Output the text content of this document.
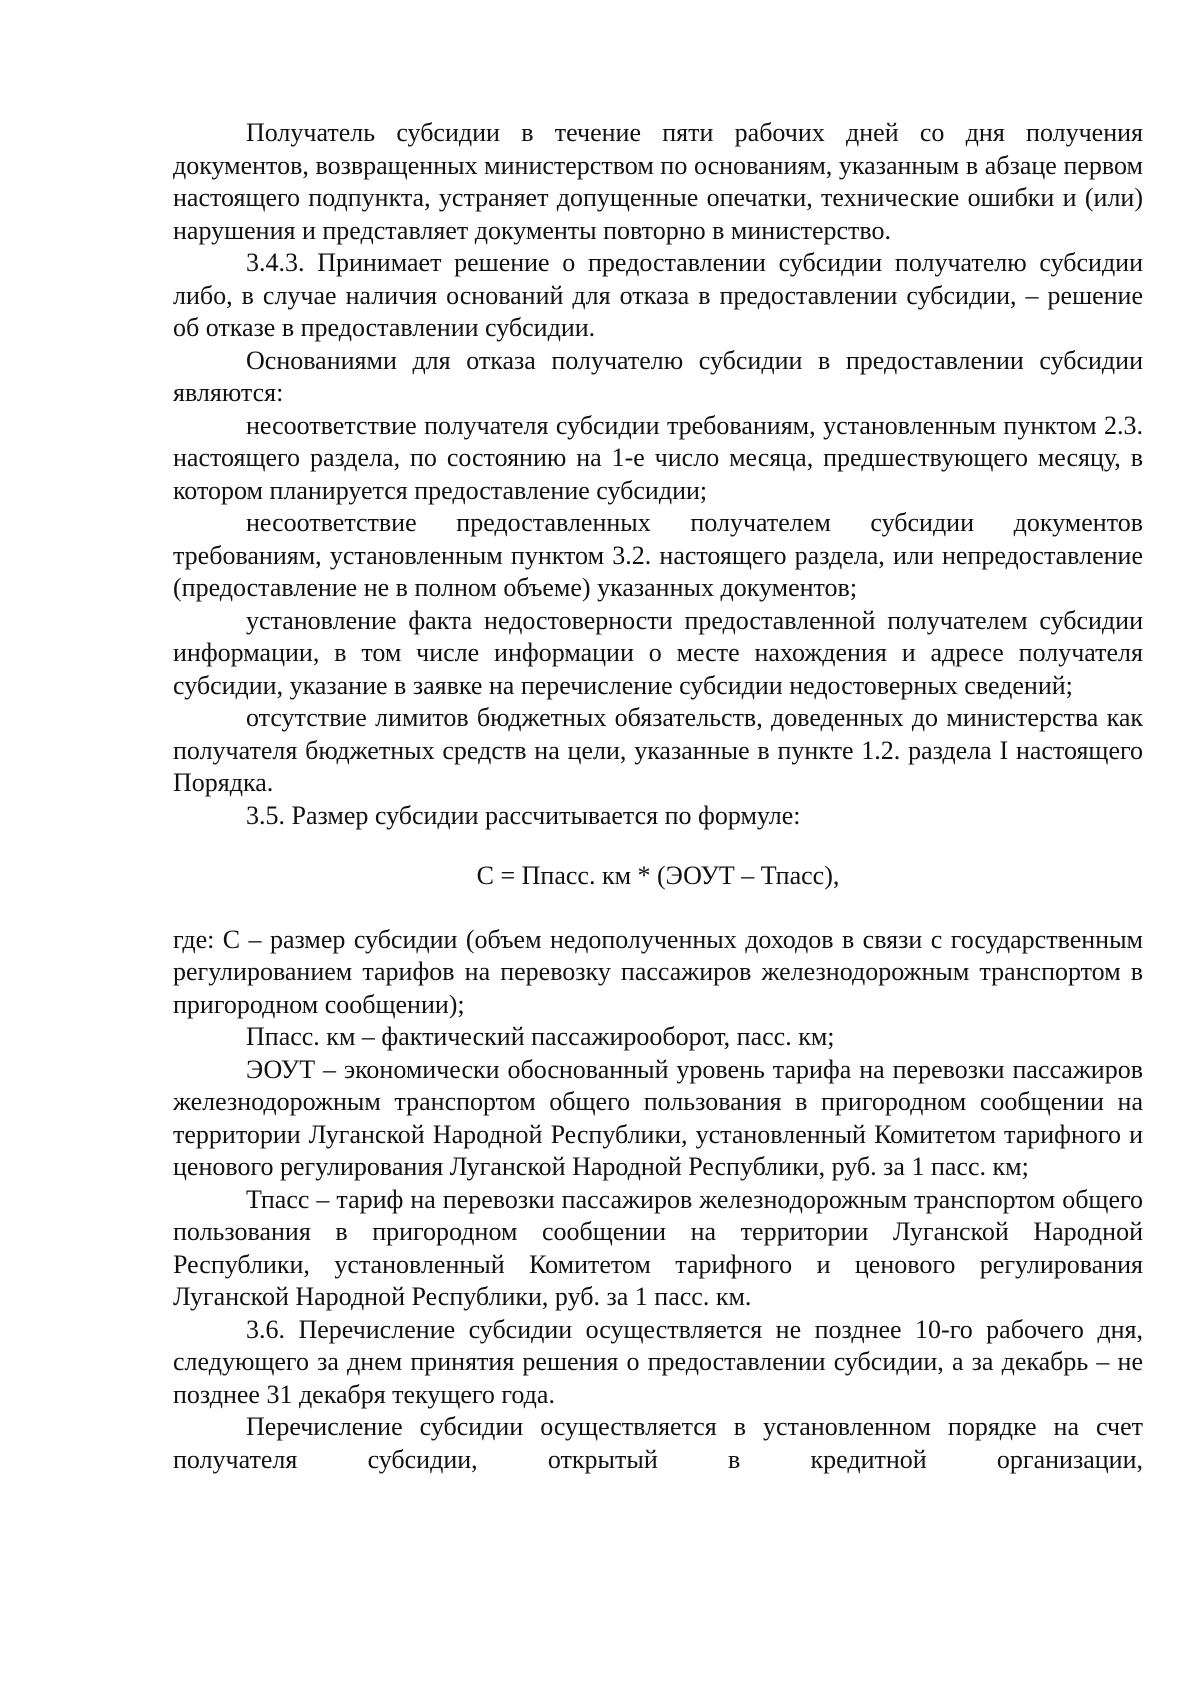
Получатель субсидии в течение пяти рабочих дней со дня получения документов, возвращенных министерством по основаниям, указанным в абзаце первом настоящего подпункта, устраняет допущенные опечатки, технические ошибки и (или) нарушения и представляет документы повторно в министерство.

3.4.3. Принимает решение о предоставлении субсидии получателю субсидии либо, в случае наличия оснований для отказа в предоставлении субсидии, – решение об отказе в предоставлении субсидии.

Основаниями для отказа получателю субсидии в предоставлении субсидии являются:

несоответствие получателя субсидии требованиям, установленным пунктом 2.3. настоящего раздела, по состоянию на 1-е число месяца, предшествующего месяцу, в котором планируется предоставление субсидии;

несоответствие предоставленных получателем субсидии документов требованиям, установленным пунктом 3.2. настоящего раздела, или непредоставление (предоставление не в полном объеме) указанных документов;

установление факта недостоверности предоставленной получателем субсидии информации, в том числе информации о месте нахождения и адресе получателя субсидии, указание в заявке на перечисление субсидии недостоверных сведений;

отсутствие лимитов бюджетных обязательств, доведенных до министерства как получателя бюджетных средств на цели, указанные в пункте 1.2. раздела I настоящего Порядка.

3.5. Размер субсидии рассчитывается по формуле:

С = Ппасс. км * (ЭОУТ – Тпасс),

где: С – размер субсидии (объем недополученных доходов в связи с государственным регулированием тарифов на перевозку пассажиров железнодорожным транспортом в пригородном сообщении);

Ппасс. км – фактический пассажирооборот, пасс. км;

ЭОУТ – экономически обоснованный уровень тарифа на перевозки пассажиров железнодорожным транспортом общего пользования в пригородном сообщении на территории Луганской Народной Республики, установленный Комитетом тарифного и ценового регулирования Луганской Народной Республики, руб. за 1 пасс. км;

Тпасс – тариф на перевозки пассажиров железнодорожным транспортом общего пользования в пригородном сообщении на территории Луганской Народной Республики, установленный Комитетом тарифного и ценового регулирования Луганской Народной Республики, руб. за 1 пасс. км.

3.6. Перечисление субсидии осуществляется не позднее 10-го рабочего дня, следующего за днем принятия решения о предоставлении субсидии, а за декабрь – не позднее 31 декабря текущего года.

Перечисление субсидии осуществляется в установленном порядке на счет получателя субсидии, открытый в кредитной организации,
